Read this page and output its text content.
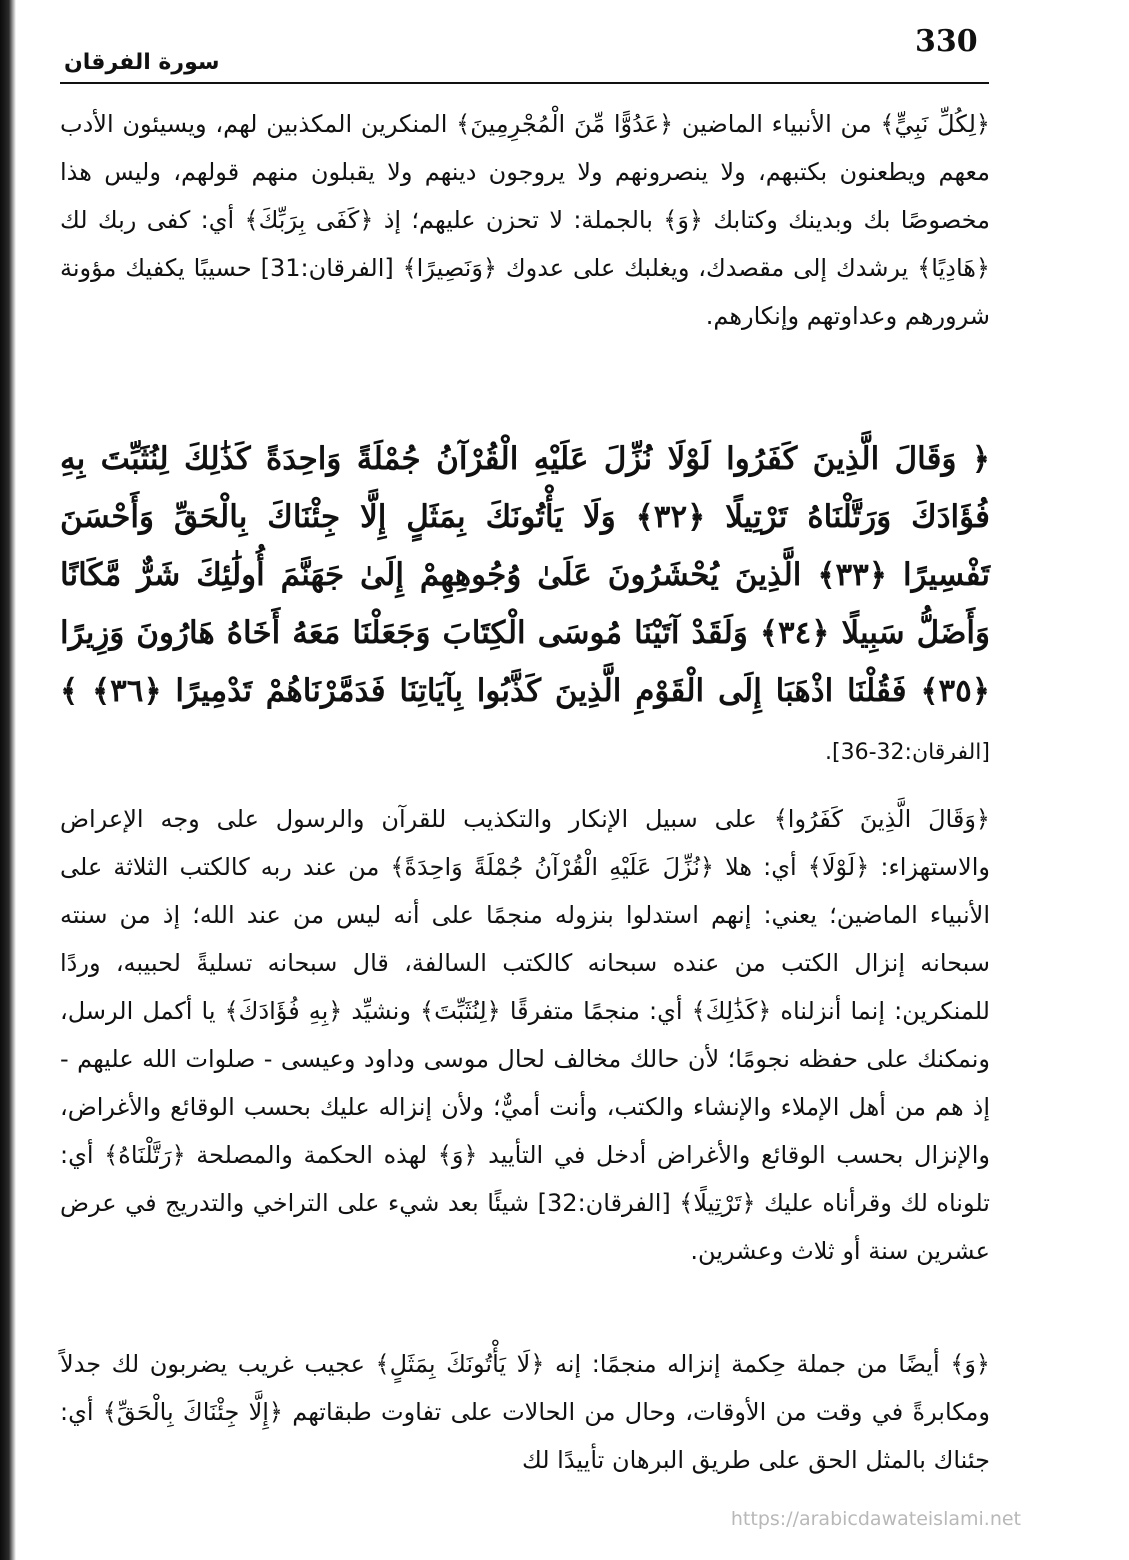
330
سورة الفرقان

﴿لِكُلِّ نَبِيٍّ﴾ من الأنبياء الماضين ﴿عَدُوًّا مِّنَ الْمُجْرِمِينَ﴾ المنكرين المكذبين لهم، ويسيئون الأدب معهم ويطعنون بكتبهم، ولا ينصرونهم ولا يروجون دينهم ولا يقبلون منهم قولهم، وليس هذا مخصوصًا بك وبدينك وكتابك ﴿وَ﴾ بالجملة: لا تحزن عليهم؛ إذ ﴿كَفَى بِرَبِّكَ﴾ أي: كفى ربك لك ﴿هَادِيًا﴾ يرشدك إلى مقصدك، ويغلبك على عدوك ﴿وَنَصِيرًا﴾ [الفرقان:31] حسيبًا يكفيك مؤونة شرورهم وعداوتهم وإنكارهم.

﴿ وَقَالَ الَّذِينَ كَفَرُوا لَوْلَا نُزِّلَ عَلَيْهِ الْقُرْآنُ جُمْلَةً وَاحِدَةً كَذَٰلِكَ لِنُثَبِّتَ بِهِ فُؤَادَكَ وَرَتَّلْنَاهُ تَرْتِيلًا ﴿٣٢﴾ وَلَا يَأْتُونَكَ بِمَثَلٍ إِلَّا جِئْنَاكَ بِالْحَقِّ وَأَحْسَنَ تَفْسِيرًا ﴿٣٣﴾ الَّذِينَ يُحْشَرُونَ عَلَىٰ وُجُوهِهِمْ إِلَىٰ جَهَنَّمَ أُولَٰئِكَ شَرٌّ مَّكَانًا وَأَضَلُّ سَبِيلًا ﴿٣٤﴾ وَلَقَدْ آتَيْنَا مُوسَى الْكِتَابَ وَجَعَلْنَا مَعَهُ أَخَاهُ هَارُونَ وَزِيرًا ﴿٣٥﴾ فَقُلْنَا اذْهَبَا إِلَى الْقَوْمِ الَّذِينَ كَذَّبُوا بِآيَاتِنَا فَدَمَّرْنَاهُمْ تَدْمِيرًا ﴿٣٦﴾ ﴾ [الفرقان:32-36].

﴿وَقَالَ الَّذِينَ كَفَرُوا﴾ على سبيل الإنكار والتكذيب للقرآن والرسول على وجه الإعراض والاستهزاء: ﴿لَوْلَا﴾ أي: هلا ﴿نُزِّلَ عَلَيْهِ الْقُرْآنُ جُمْلَةً وَاحِدَةً﴾ من عند ربه كالكتب الثلاثة على الأنبياء الماضين؛ يعني: إنهم استدلوا بنزوله منجمًا على أنه ليس من عند الله؛ إذ من سنته سبحانه إنزال الكتب من عنده سبحانه كالكتب السالفة، قال سبحانه تسليةً لحبيبه، وردًا للمنكرين: إنما أنزلناه ﴿كَذَٰلِكَ﴾ أي: منجمًا متفرقًا ﴿لِنُثَبِّتَ﴾ ونشيِّد ﴿بِهِ فُؤَادَكَ﴾ يا أكمل الرسل، ونمكنك على حفظه نجومًا؛ لأن حالك مخالف لحال موسى وداود وعيسى - صلوات الله عليهم - إذ هم من أهل الإملاء والإنشاء والكتب، وأنت أميٌّ؛ ولأن إنزاله عليك بحسب الوقائع والأغراض، والإنزال بحسب الوقائع والأغراض أدخل في التأييد ﴿وَ﴾ لهذه الحكمة والمصلحة ﴿رَتَّلْنَاهُ﴾ أي: تلوناه لك وقرأناه عليك ﴿تَرْتِيلًا﴾ [الفرقان:32] شيئًا بعد شيء على التراخي والتدريج في عرض عشرين سنة أو ثلاث وعشرين.

﴿وَ﴾ أيضًا من جملة حِكمة إنزاله منجمًا: إنه ﴿لَا يَأْتُونَكَ بِمَثَلٍ﴾ عجيب غريب يضربون لك جدلاً ومكابرةً في وقت من الأوقات، وحال من الحالات على تفاوت طبقاتهم ﴿إِلَّا جِئْنَاكَ بِالْحَقِّ﴾ أي: جئناك بالمثل الحق على طريق البرهان تأييدًا لك

https://arabicdawateislami.net
